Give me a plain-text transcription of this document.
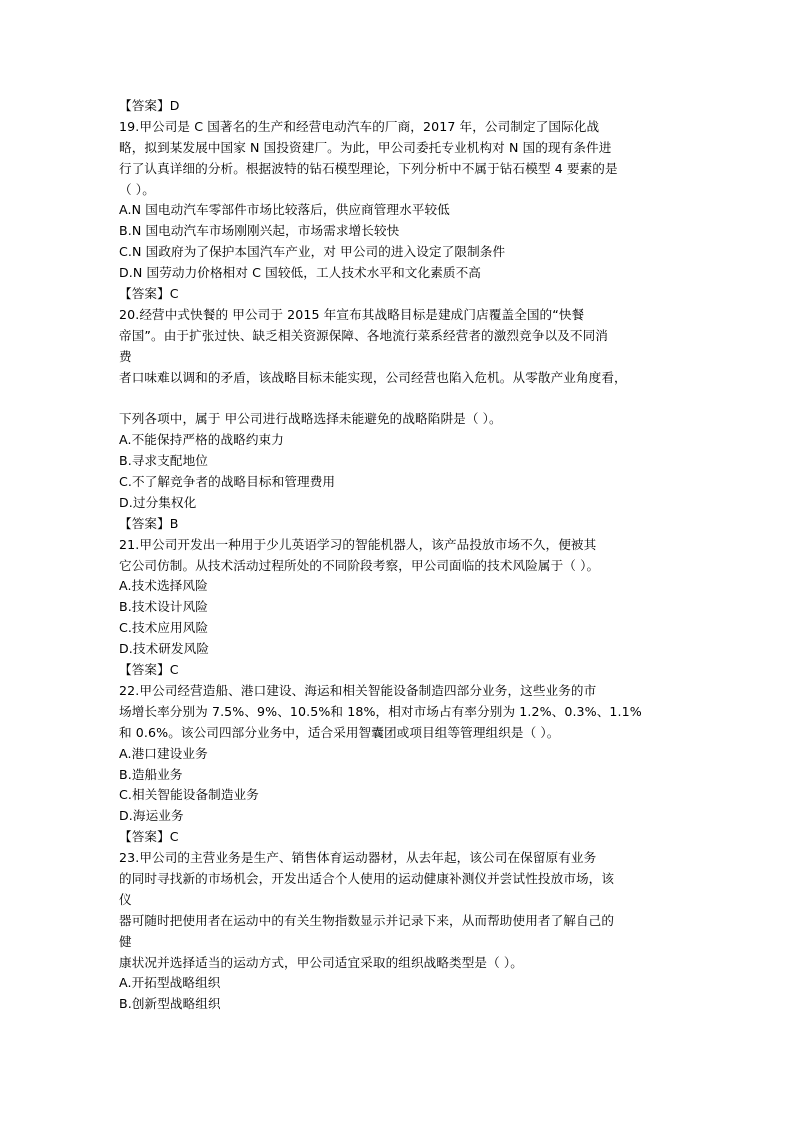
【答案】D
19.甲公司是 C 国著名的生产和经营电动汽车的厂商，2017 年，公司制定了国际化战
略，拟到某发展中国家 N 国投资建厂。为此，甲公司委托专业机构对 N 国的现有条件进
行了认真详细的分析。根据波特的钻石模型理论，下列分析中不属于钻石模型 4 要素的是
（ ）。
A.N 国电动汽车零部件市场比较落后，供应商管理水平较低
B.N 国电动汽车市场刚刚兴起，市场需求增长较快
C.N 国政府为了保护本国汽车产业，对 甲公司的进入设定了限制条件
D.N 国劳动力价格相对 C 国较低，工人技术水平和文化素质不高
【答案】C
20.经营中式快餐的 甲公司于 2015 年宣布其战略目标是建成门店覆盖全国的“快餐
帝国”。由于扩张过快、缺乏相关资源保障、各地流行菜系经营者的激烈竞争以及不同消
费
者口味难以调和的矛盾，该战略目标未能实现，公司经营也陷入危机。从零散产业角度看，
下列各项中，属于 甲公司进行战略选择未能避免的战略陷阱是（ ）。
A.不能保持严格的战略约束力
B.寻求支配地位
C.不了解竞争者的战略目标和管理费用
D.过分集权化
【答案】B
21.甲公司开发出一种用于少儿英语学习的智能机器人，该产品投放市场不久，便被其
它公司仿制。从技术活动过程所处的不同阶段考察，甲公司面临的技术风险属于（ ）。
A.技术选择风险
B.技术设计风险
C.技术应用风险
D.技术研发风险
【答案】C
22.甲公司经营造船、港口建设、海运和相关智能设备制造四部分业务，这些业务的市
场增长率分别为 7.5%、9%、10.5%和 18%，相对市场占有率分别为 1.2%、0.3%、1.1%
和 0.6%。该公司四部分业务中，适合采用智囊团或项目组等管理组织是（ ）。
A.港口建设业务
B.造船业务
C.相关智能设备制造业务
D.海运业务
【答案】C
23.甲公司的主营业务是生产、销售体育运动器材，从去年起，该公司在保留原有业务
的同时寻找新的市场机会，开发出适合个人使用的运动健康补测仪并尝试性投放市场，该
仪
器可随时把使用者在运动中的有关生物指数显示并记录下来，从而帮助使用者了解自己的
健
康状况并选择适当的运动方式，甲公司适宜采取的组织战略类型是（ ）。
A.开拓型战略组织
B.创新型战略组织
